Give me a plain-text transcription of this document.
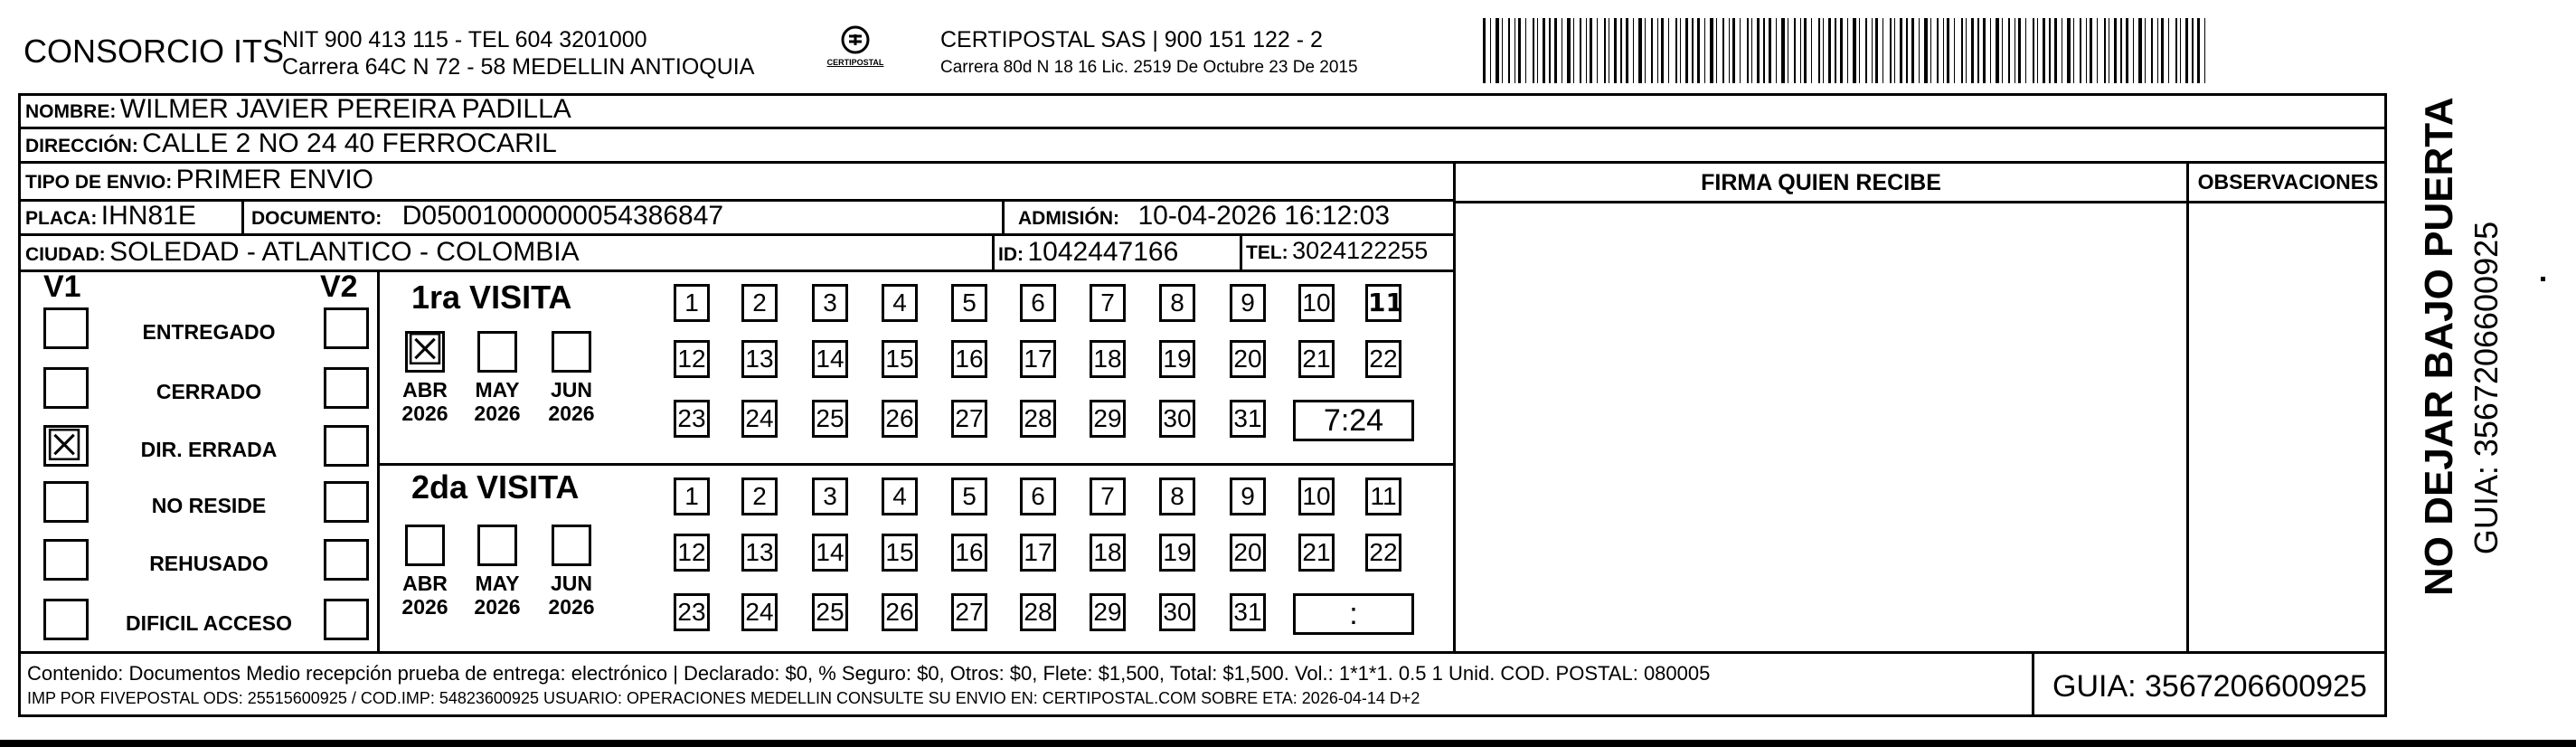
CONSORCIO ITS
NIT 900 413 115 - TEL 604 3201000
Carrera 64C N 72 - 58 MEDELLIN ANTIOQUIA	CERTIPOSTAL
CERTIPOSTAL SAS | 900 151 122 - 2
Carrera 80d N 18 16 Lic. 2519 De Octubre 23 De 2015
NOMBRE: WILMER JAVIER PEREIRA PADILLA
DIRECCIÓN: CALLE 2 NO 24 40 FERROCARIL
TIPO DE ENVIO: PRIMER ENVIO
PLACA: IHN81E	DOCUMENTO: D05001000000054386847	ADMISIÓN: 10-04-2026 16:12:03
CIUDAD: SOLEDAD - ATLANTICO - COLOMBIA	ID: 1042447166	TEL: 3024122255
FIRMA QUIEN RECIBE	OBSERVACIONES
V1	V2
ENTREGADO
CERRADO
☒	DIR. ERRADA
NO RESIDE
REHUSADO
DIFICIL ACCESO
1ra VISITA
2da VISITA
☒
ABR
2026
MAY
2026
JUN
2026
1	2	3	4	5	6	7	8	9	10 11
12 13 14 15 16 17 18 19 20 21 22
23 24 25 26 27 28 29 30 31	7:24
ABR
2026
MAY
2026
JUN
2026
1	2	3	4	5	6	7	8	9	10 11
12 13 14 15 16 17 18 19 20 21 22
23 24 25 26 27 28 29 30 31	:
Contenido: Documentos Medio recepción prueba de entrega: electrónico | Declarado: $0, % Seguro: $0, Otros: $0, Flete: $1,500, Total: $1,500. Vol.: 1*1*1. 0.5 1 Unid. COD. POSTAL: 080005
IMP POR FIVEPOSTAL ODS: 25515600925 / COD.IMP: 54823600925 USUARIO: OPERACIONES MEDELLIN CONSULTE SU ENVIO EN: CERTIPOSTAL.COM SOBRE ETA: 2026-04-14 D+2	GUIA: 3567206600925
NO DEJAR BAJO PUERTA GUIA: 3567206600925
